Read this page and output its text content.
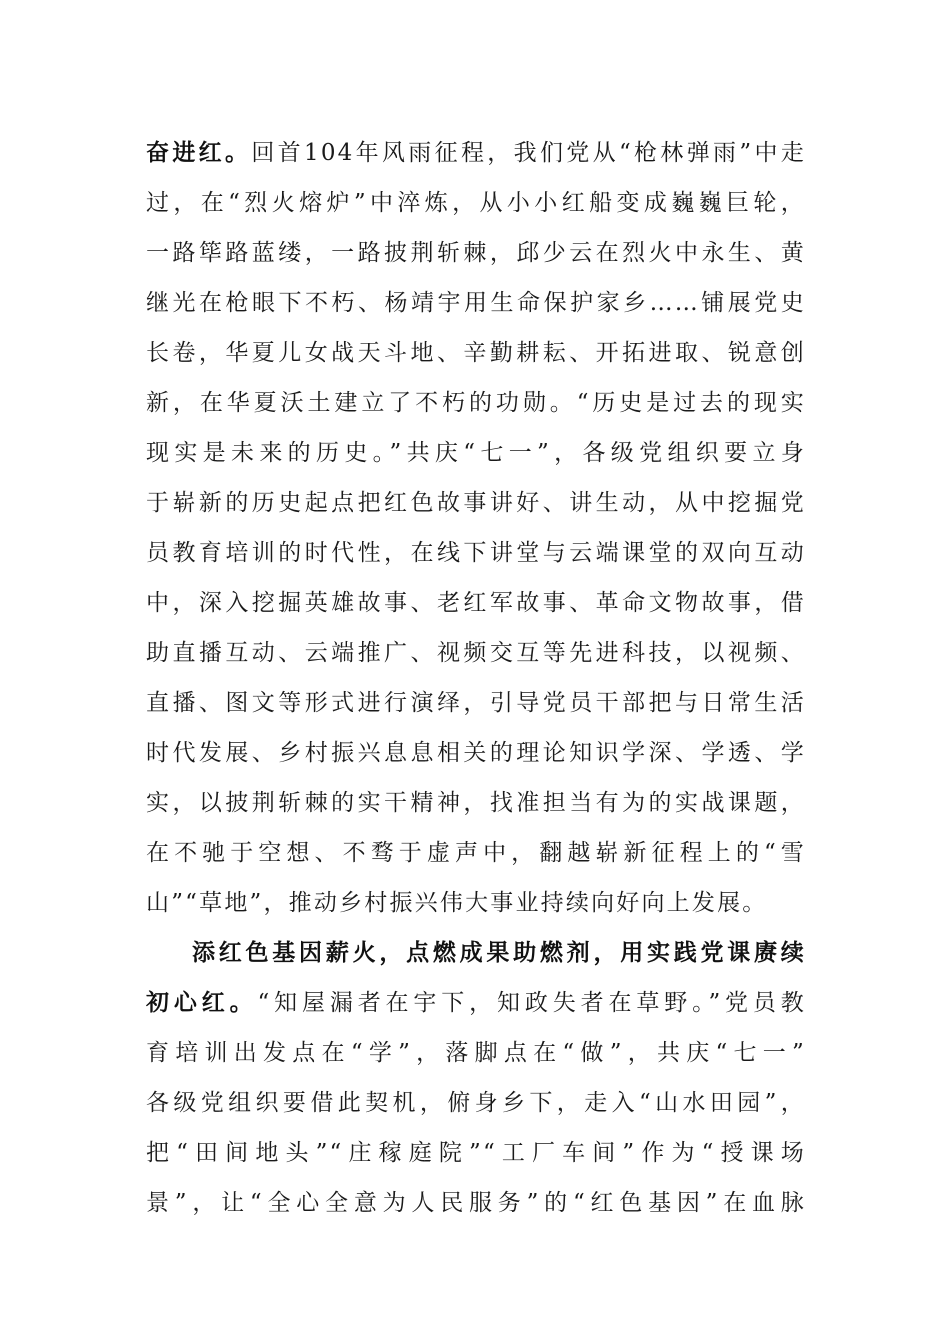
奋进红。回首104年风雨征程，我们党从“枪林弹雨”中走
过，在“烈火熔炉”中淬炼，从小小红船变成巍巍巨轮，
一路筚路蓝缕，一路披荆斩棘，邱少云在烈火中永生、黄
继光在枪眼下不朽、杨靖宇用生命保护家乡……铺展党史
长卷，华夏儿女战天斗地、辛勤耕耘、开拓进取、锐意创
新，在华夏沃土建立了不朽的功勋。“历史是过去的现实
现实是未来的历史。”共庆“七一”，各级党组织要立身
于崭新的历史起点把红色故事讲好、讲生动，从中挖掘党
员教育培训的时代性，在线下讲堂与云端课堂的双向互动
中，深入挖掘英雄故事、老红军故事、革命文物故事，借
助直播互动、云端推广、视频交互等先进科技，以视频、
直播、图文等形式进行演绎，引导党员干部把与日常生活
时代发展、乡村振兴息息相关的理论知识学深、学透、学
实，以披荆斩棘的实干精神，找准担当有为的实战课题，
在不驰于空想、不骛于虚声中，翻越崭新征程上的“雪
山”“草地”，推动乡村振兴伟大事业持续向好向上发展。
添红色基因薪火，点燃成果助燃剂，用实践党课赓续
初心红。“知屋漏者在宇下，知政失者在草野。”党员教
育培训出发点在“学”，落脚点在“做”，共庆“七一”
各级党组织要借此契机，俯身乡下，走入“山水田园”，
把“田间地头”“庄稼庭院”“工厂车间”作为“授课场
景”，让“全心全意为人民服务”的“红色基因”在血脉
